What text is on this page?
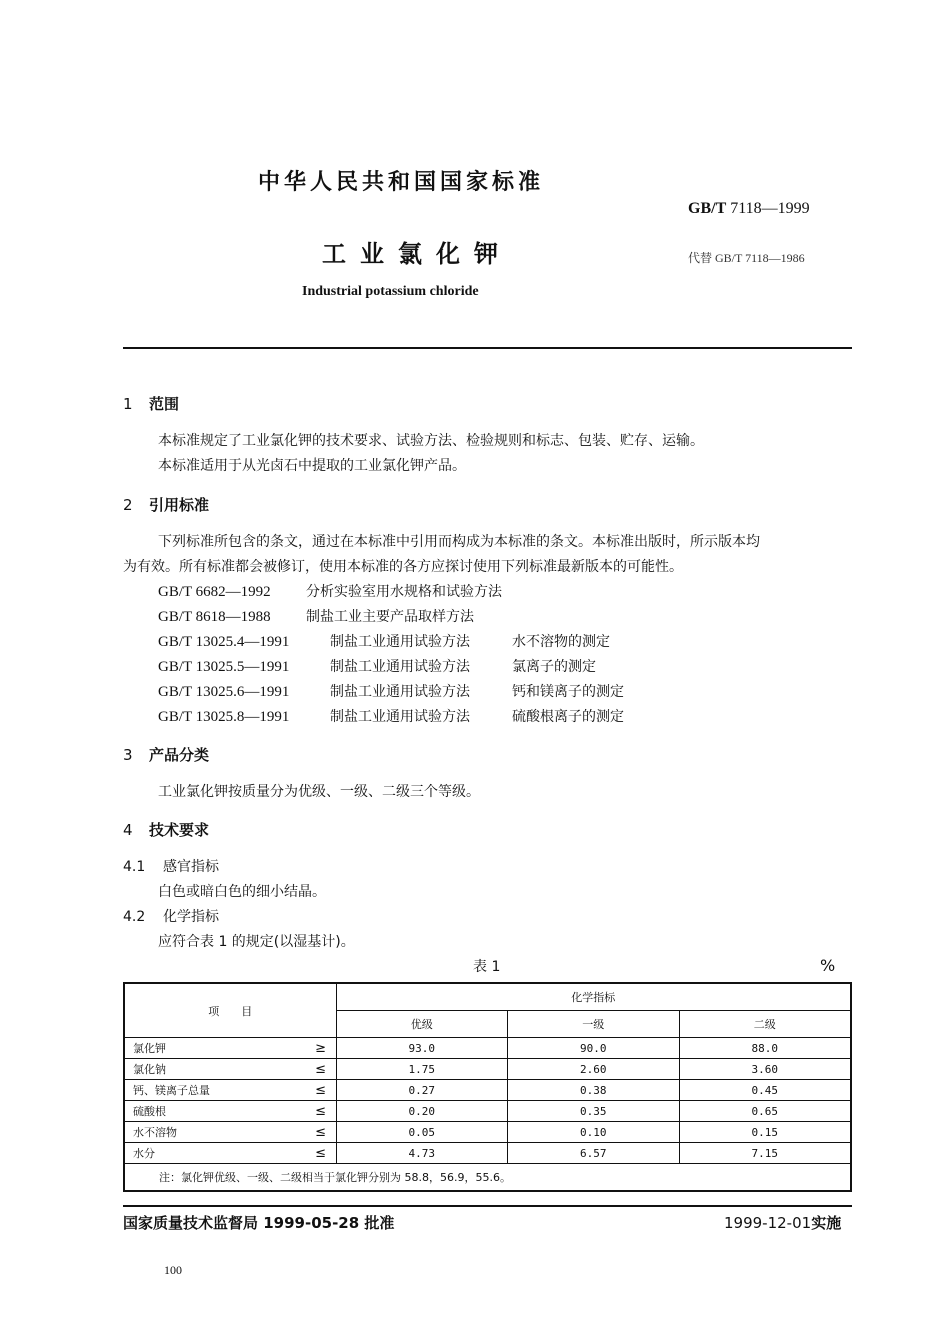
中华人民共和国国家标准
GB/T 7118—1999
工业氯化钾	代替 GB/T 7118—1986
Industrial potassium chloride
1 范围
本标准规定了工业氯化钾的技术要求、试验方法、检验规则和标志、包装、贮存、运输。
本标准适用于从光卤石中提取的工业氯化钾产品。
2 引用标准
下列标准所包含的条文，通过在本标准中引用而构成为本标准的条文。本标准出版时，所示版本均
为有效。所有标准都会被修订，使用本标准的各方应探讨使用下列标准最新版本的可能性。
GB/T 6682—1992	分析实验室用水规格和试验方法
GB/T 8618—1988	制盐工业主要产品取样方法
GB/T 13025.4—1991	制盐工业通用试验方法	水不溶物的测定
GB/T 13025.5—1991	制盐工业通用试验方法	氯离子的测定
GB/T 13025.6—1991	制盐工业通用试验方法	钙和镁离子的测定
GB/T 13025.8—1991	制盐工业通用试验方法	硫酸根离子的测定
3 产品分类
工业氯化钾按质量分为优级、一级、二级三个等级。
4 技术要求
4.1 感官指标
白色或暗白色的细小结晶。
4.2 化学指标
应符合表 1 的规定(以湿基计)。
表 1	%
项　　目		化学指标		
		优级	一级	二级
氯化钾	≥	93.0	90.0	88.0
氯化钠	≤	1.75	2.60	3.60
钙、镁离子总量	≤	0.27	0.38	0.45
硫酸根	≤	0.20	0.35	0.65
水不溶物	≤	0.05	0.10	0.15
水分	≤	4.73	6.57	7.15
注：氯化钾优级、一级、二级相当于氯化钾分别为 58.8，56.9，55.6。				
国家质量技术监督局 1999-05-28 批准	1999-12-01实施
100
